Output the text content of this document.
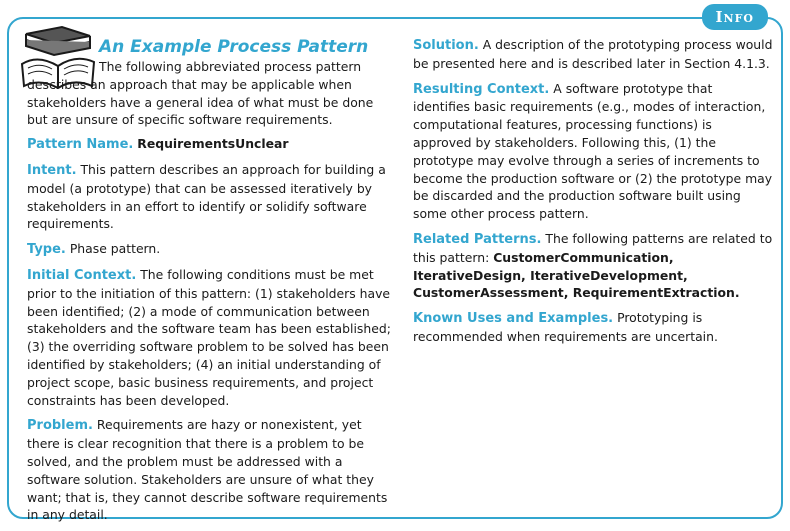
Info
An Example Process Pattern

The following abbreviated process pattern describes an approach that may be applicable when stakeholders have a general idea of what must be done but are unsure of specific software requirements.

Pattern Name. RequirementsUnclear

Intent. This pattern describes an approach for building a model (a prototype) that can be assessed iteratively by stakeholders in an effort to identify or solidify software requirements.

Type. Phase pattern.

Initial Context. The following conditions must be met prior to the initiation of this pattern: (1) stakeholders have been identified; (2) a mode of communication between stakeholders and the software team has been established; (3) the overriding software problem to be solved has been identified by stakeholders; (4) an initial understanding of project scope, basic business requirements, and project constraints has been developed.

Problem. Requirements are hazy or nonexistent, yet there is clear recognition that there is a problem to be solved, and the problem must be addressed with a software solution. Stakeholders are unsure of what they want; that is, they cannot describe software requirements in any detail.

Solution. A description of the prototyping process would be presented here and is described later in Section 4.1.3.

Resulting Context. A software prototype that identifies basic requirements (e.g., modes of interaction, computational features, processing functions) is approved by stakeholders. Following this, (1) the prototype may evolve through a series of increments to become the production software or (2) the prototype may be discarded and the production software built using some other process pattern.

Related Patterns. The following patterns are related to this pattern: CustomerCommunication, IterativeDesign, IterativeDevelopment, CustomerAssessment, RequirementExtraction.

Known Uses and Examples. Prototyping is recommended when requirements are uncertain.
